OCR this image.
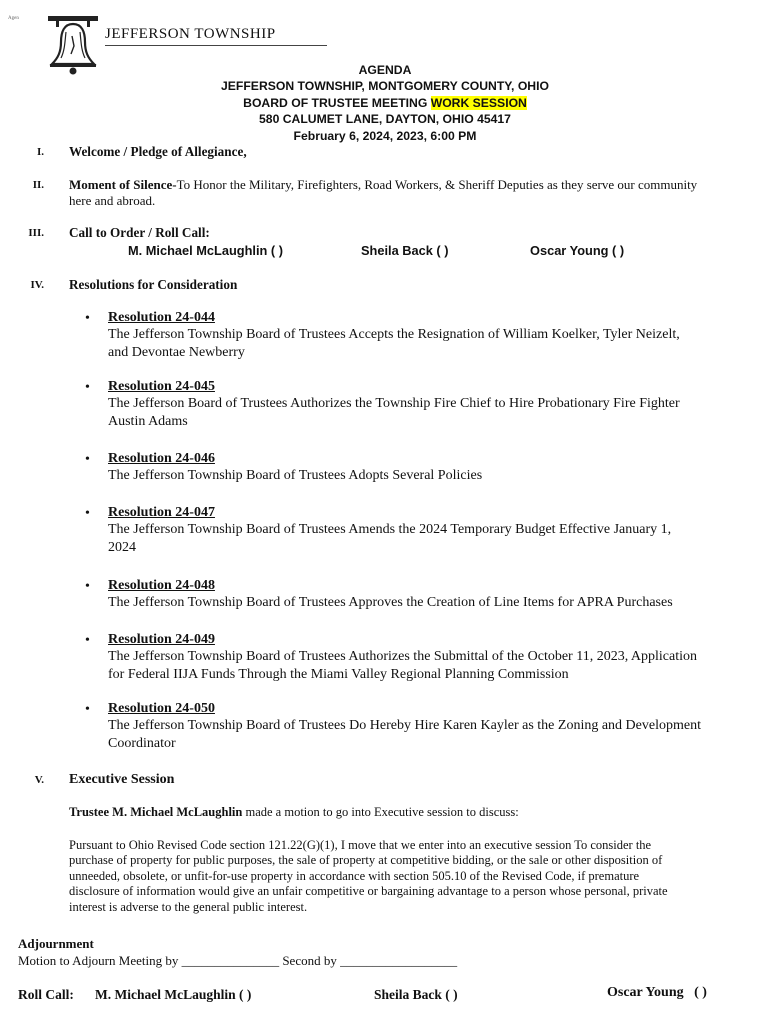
Agen
JEFFERSON TOWNSHIP
AGENDA
JEFFERSON TOWNSHIP, MONTGOMERY COUNTY, OHIO
BOARD OF TRUSTEE MEETING WORK SESSION
580 CALUMET LANE, DAYTON, OHIO 45417
February 6, 2024, 2023, 6:00 PM
I. Welcome / Pledge of Allegiance,
II. Moment of Silence-To Honor the Military, Firefighters, Road Workers, & Sheriff Deputies as they serve our community
here and abroad.
III. Call to Order / Roll Call:
M. Michael McLaughlin ( )	Sheila Back ( )	Oscar Young ( )
IV. Resolutions for Consideration
• Resolution 24-044
The Jefferson Township Board of Trustees Accepts the Resignation of William Koelker, Tyler Neizelt,
and Devontae Newberry
• Resolution 24-045
The Jefferson Board of Trustees Authorizes the Township Fire Chief to Hire Probationary Fire Fighter
Austin Adams
• Resolution 24-046
The Jefferson Township Board of Trustees Adopts Several Policies
• Resolution 24-047
The Jefferson Township Board of Trustees Amends the 2024 Temporary Budget Effective January 1,
2024
• Resolution 24-048
The Jefferson Township Board of Trustees Approves the Creation of Line Items for APRA Purchases
• Resolution 24-049
The Jefferson Township Board of Trustees Authorizes the Submittal of the October 11, 2023, Application
for Federal IIJA Funds Through the Miami Valley Regional Planning Commission
• Resolution 24-050
The Jefferson Township Board of Trustees Do Hereby Hire Karen Kayler as the Zoning and Development
Coordinator
V. Executive Session
Trustee M. Michael McLaughlin made a motion to go into Executive session to discuss:
Pursuant to Ohio Revised Code section 121.22(G)(1), I move that we enter into an executive session To consider the
purchase of property for public purposes, the sale of property at competitive bidding, or the sale or other disposition of
unneeded, obsolete, or unfit-for-use property in accordance with section 505.10 of the Revised Code, if premature
disclosure of information would give an unfair competitive or bargaining advantage to a person whose personal, private
interest is adverse to the general public interest.
Adjournment
Motion to Adjourn Meeting by _______________ Second by __________________
Roll Call: M. Michael McLaughlin ( )	Sheila Back ( )	Oscar Young   ( )
